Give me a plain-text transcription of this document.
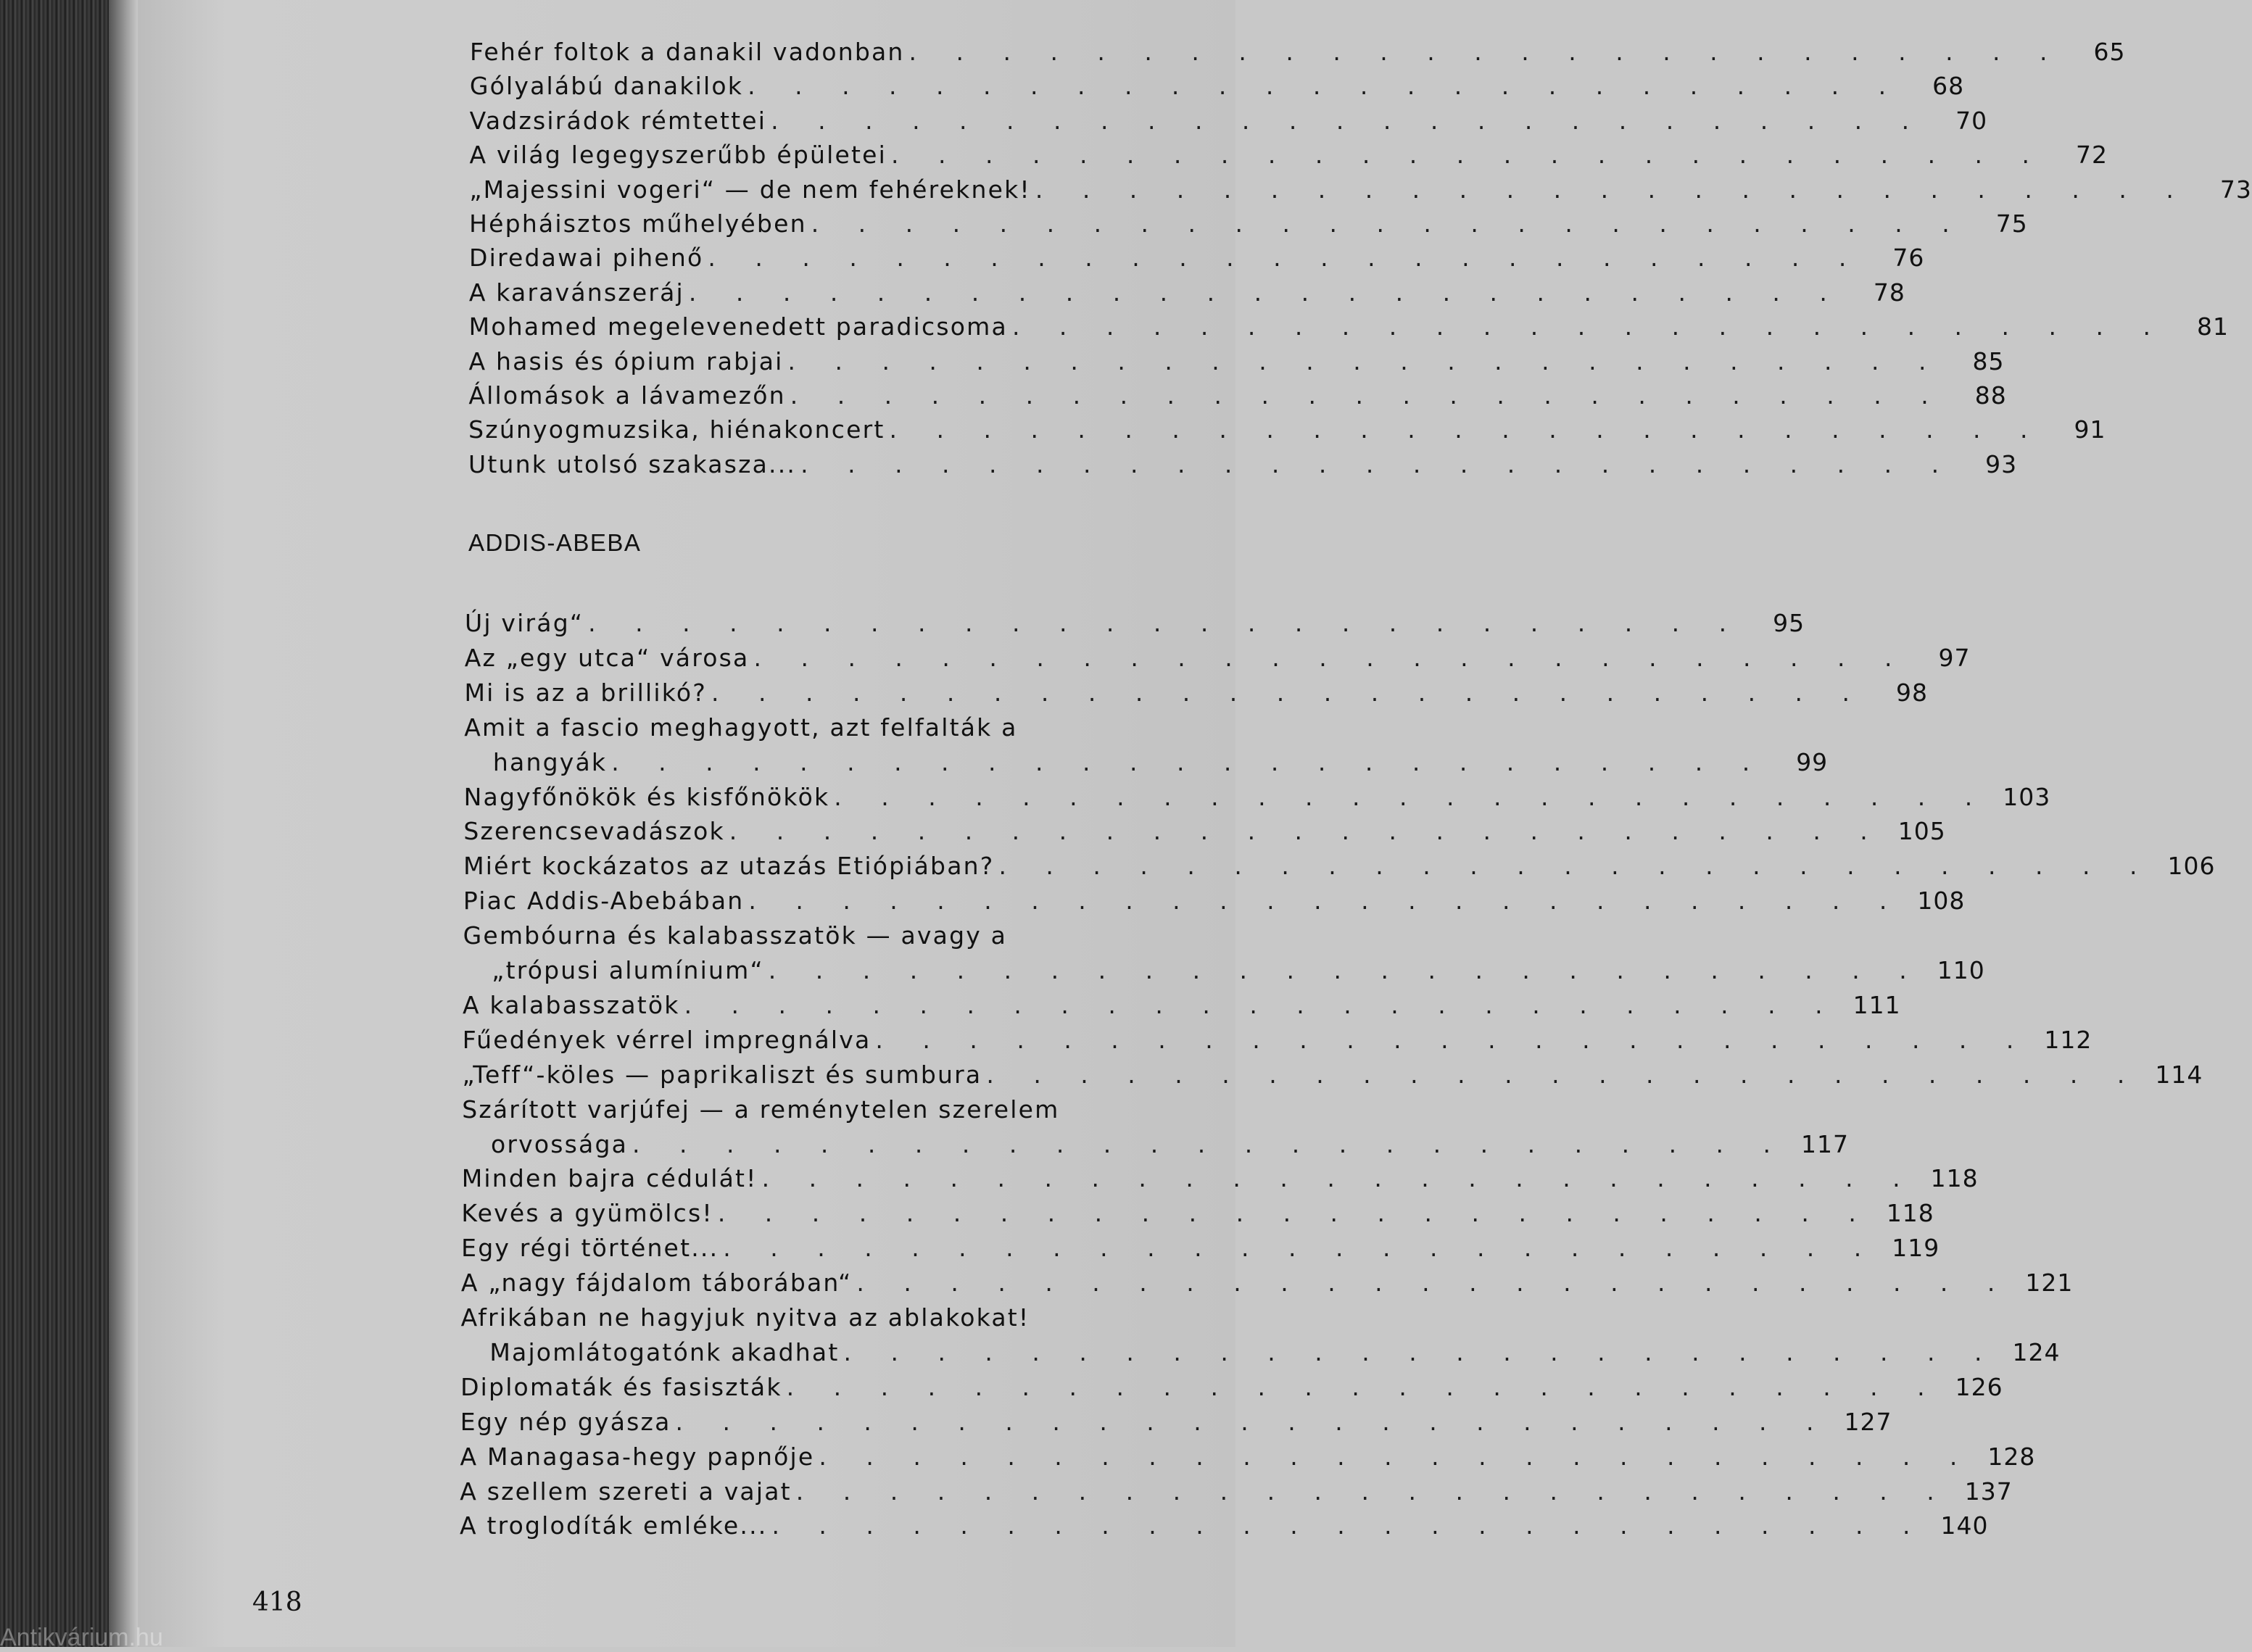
Fehér foltok a danakil vadonban . . . . . . . . . . . . . . . . . . . . . . . . .	65
Gólyalábú danakilok . . . . . . . . . . . . . . . . . . . . . . . . .	68
Vadzsirádok rémtettei . . . . . . . . . . . . . . . . . . . . . . . . .	70
A világ legegyszerűbb épületei . . . . . . . . . . . . . . . . . . . . . . . . .	72
„Majessini vogeri“ — de nem fehéreknek! . . . . . . . . . . . . . . . . . . . . . . . . .	73
Hépháisztos műhelyében . . . . . . . . . . . . . . . . . . . . . . . . .	75
Diredawai pihenő . . . . . . . . . . . . . . . . . . . . . . . . .	76
A karavánszeráj . . . . . . . . . . . . . . . . . . . . . . . . .	78
Mohamed megelevenedett paradicsoma . . . . . . . . . . . . . . . . . . . . . . . . .	81
A hasis és ópium rabjai . . . . . . . . . . . . . . . . . . . . . . . . .	85
Állomások a lávamezőn . . . . . . . . . . . . . . . . . . . . . . . . .	88
Szúnyogmuzsika, hiénakoncert . . . . . . . . . . . . . . . . . . . . . . . . .	91
Utunk utolsó szakasza... . . . . . . . . . . . . . . . . . . . . . . . . .	93
ADDIS-ABEBA
Új virág“ . . . . . . . . . . . . . . . . . . . . . . . . .	95
Az „egy utca“ városa . . . . . . . . . . . . . . . . . . . . . . . . .	97
Mi is az a brillikó? . . . . . . . . . . . . . . . . . . . . . . . . .	98
Amit a fascio meghagyott, azt felfalták a
hangyák . . . . . . . . . . . . . . . . . . . . . . . . .	99
Nagyfőnökök és kisfőnökök . . . . . . . . . . . . . . . . . . . . . . . . . 103
Szerencsevadászok . . . . . . . . . . . . . . . . . . . . . . . . . 105
Miért kockázatos az utazás Etiópiában? . . . . . . . . . . . . . . . . . . . . . . . . . 106
Piac Addis-Abebában . . . . . . . . . . . . . . . . . . . . . . . . . 108
Gembóurna és kalabasszatök — avagy a
„trópusi alumínium“ . . . . . . . . . . . . . . . . . . . . . . . . . 110
A kalabasszatök . . . . . . . . . . . . . . . . . . . . . . . . . 111
Fűedények vérrel impregnálva . . . . . . . . . . . . . . . . . . . . . . . . . 112
„Teff“-köles — paprikaliszt és sumbura . . . . . . . . . . . . . . . . . . . . . . . . . 114
Szárított varjúfej — a reménytelen szerelem
orvossága . . . . . . . . . . . . . . . . . . . . . . . . . 117
Minden bajra cédulát! . . . . . . . . . . . . . . . . . . . . . . . . . 118
Kevés a gyümölcs! . . . . . . . . . . . . . . . . . . . . . . . . . 118
Egy régi történet... . . . . . . . . . . . . . . . . . . . . . . . . . 119
A „nagy fájdalom táborában“ . . . . . . . . . . . . . . . . . . . . . . . . . 121
Afrikában ne hagyjuk nyitva az ablakokat!
Majomlátogatónk akadhat . . . . . . . . . . . . . . . . . . . . . . . . . 124
Diplomaták és fasiszták . . . . . . . . . . . . . . . . . . . . . . . . . 126
Egy nép gyásza . . . . . . . . . . . . . . . . . . . . . . . . . 127
A Managasa-hegy papnője . . . . . . . . . . . . . . . . . . . . . . . . . 128
A szellem szereti a vajat . . . . . . . . . . . . . . . . . . . . . . . . . 137
A troglodíták emléke... . . . . . . . . . . . . . . . . . . . . . . . . . 140
418
Antikvárium.hu
